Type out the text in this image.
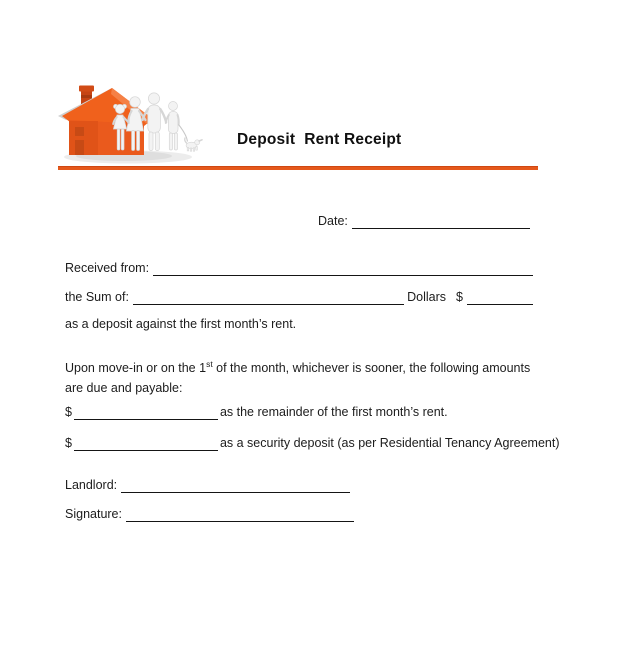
Deposit  Rent Receipt
Date:
Received from:
the Sum of:	Dollars $
as a deposit against the first month’s rent.
Upon move-in or on the 1st of the month, whichever is sooner, the following amounts are due and payable:
$	as the remainder of the first month’s rent.
$	as a security deposit (as per Residential Tenancy Agreement)
Landlord:
Signature:
